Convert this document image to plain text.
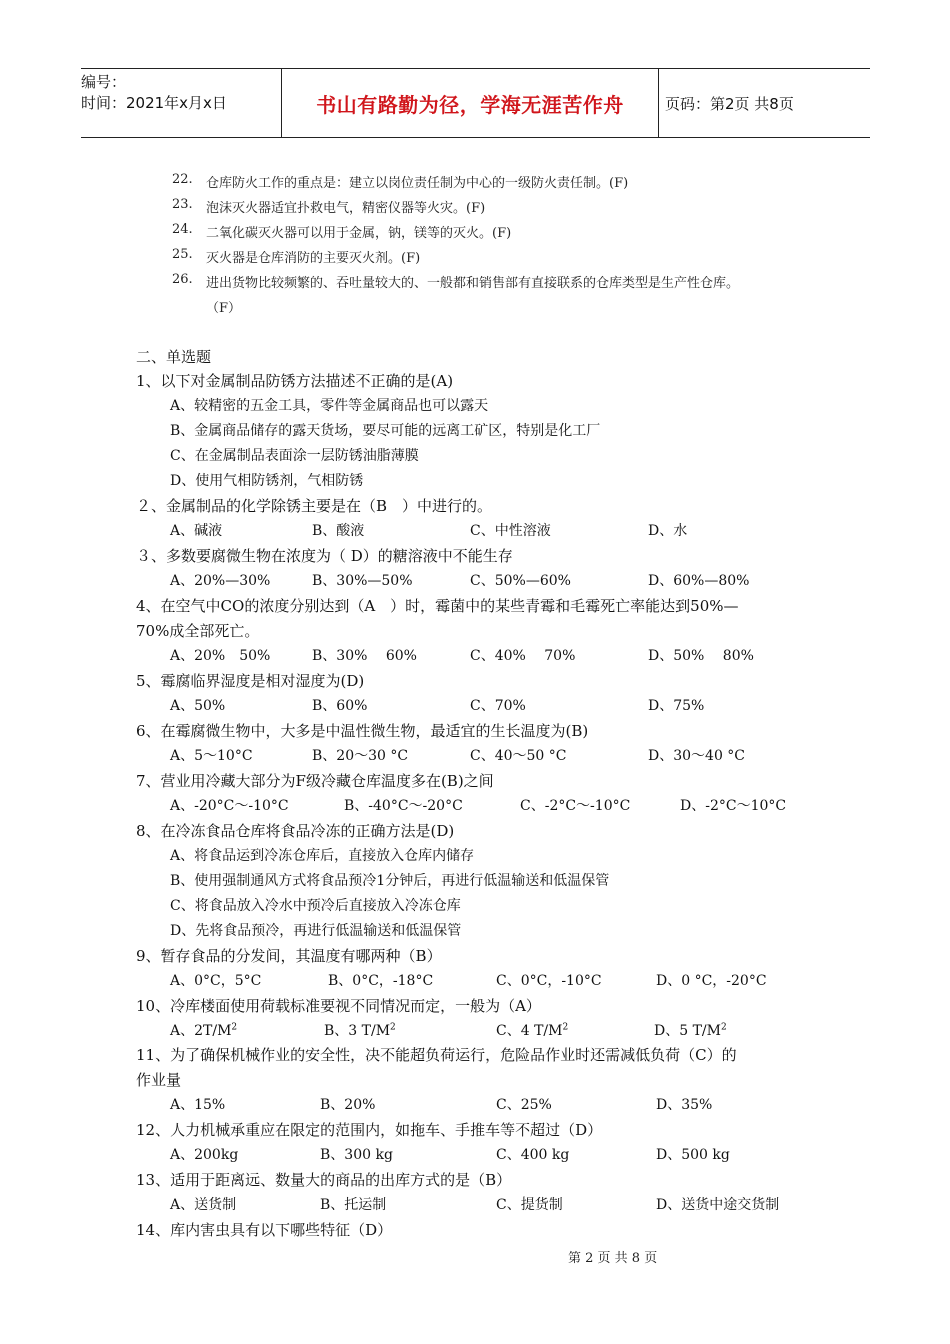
编号：
时间：2021年x月x日	书山有路勤为径，学海无涯苦作舟	页码：第2页 共8页
22. 仓库防火工作的重点是：建立以岗位责任制为中心的一级防火责任制。(F)
23. 泡沫灭火器适宜扑救电气，精密仪器等火灾。(F)
24. 二氧化碳灭火器可以用于金属，钠，镁等的灭火。(F)
25. 灭火器是仓库消防的主要灭火剂。(F)
26. 进出货物比较频繁的、吞吐量较大的、一般都和销售部有直接联系的仓库类型是生产性仓库。
（F）
二、单选题
1、以下对金属制品防锈方法描述不正确的是(A)
A、较精密的五金工具，零件等金属商品也可以露天
B、金属商品储存的露天货场，要尽可能的远离工矿区，特别是化工厂
C、在金属制品表面涂一层防锈油脂薄膜
D、使用气相防锈剂，气相防锈
２、金属制品的化学除锈主要是在（B　）中进行的。
A、碱液	B、酸液	C、中性溶液	D、水
３、多数要腐微生物在浓度为（ D）的糖溶液中不能生存
A、20%—30%	B、30%—50%	C、50%—60%	D、60%—80%
4、在空气中CO的浓度分别达到（A　）时，霉菌中的某些青霉和毛霉死亡率能达到50%—
70%成全部死亡。
A、20%　50%	B、30%　 60%	C、40%　 70%	D、50%　 80%
5、霉腐临界湿度是相对湿度为(D)
A、50%	B、60%	C、70%	D、75%
6、在霉腐微生物中，大多是中温性微生物，最适宜的生长温度为(B)
A、5～10°C	B、20～30 °C	C、40～50 °C	D、30～40 °C
7、营业用冷藏大部分为F级冷藏仓库温度多在(B)之间
A、-20°C～-10°C	B、-40°C～-20°C	C、-2°C～-10°C	D、-2°C～10°C
8、在冷冻食品仓库将食品冷冻的正确方法是(D)
A、将食品运到冷冻仓库后，直接放入仓库内储存
B、使用强制通风方式将食品预冷1分钟后，再进行低温输送和低温保管
C、将食品放入冷水中预冷后直接放入冷冻仓库
D、先将食品预冷，再进行低温输送和低温保管
9、暂存食品的分发间，其温度有哪两种（B）
A、0°C，5°C	B、0°C，-18°C	C、0°C，-10°C	D、0 °C，-20°C
10、冷库楼面使用荷载标准要视不同情况而定，一般为（A）
A、$2T/M^2$	B、3 $T/M^2$	C、4 $T/M^2$	D、5 $T/M^2$
11、为了确保机械作业的安全性，决不能超负荷运行，危险品作业时还需减低负荷（C）的
作业量
A、15%	B、20%	C、25%	D、35%
12、人力机械承重应在限定的范围内，如拖车、手推车等不超过（D）
A、200kg	B、300 kg	C、400 kg	D、500 kg
13、适用于距离远、数量大的商品的出库方式的是（B）
A、送货制	B、托运制	C、提货制	D、送货中途交货制
14、库内害虫具有以下哪些特征（D）
第 2 页 共 8 页
